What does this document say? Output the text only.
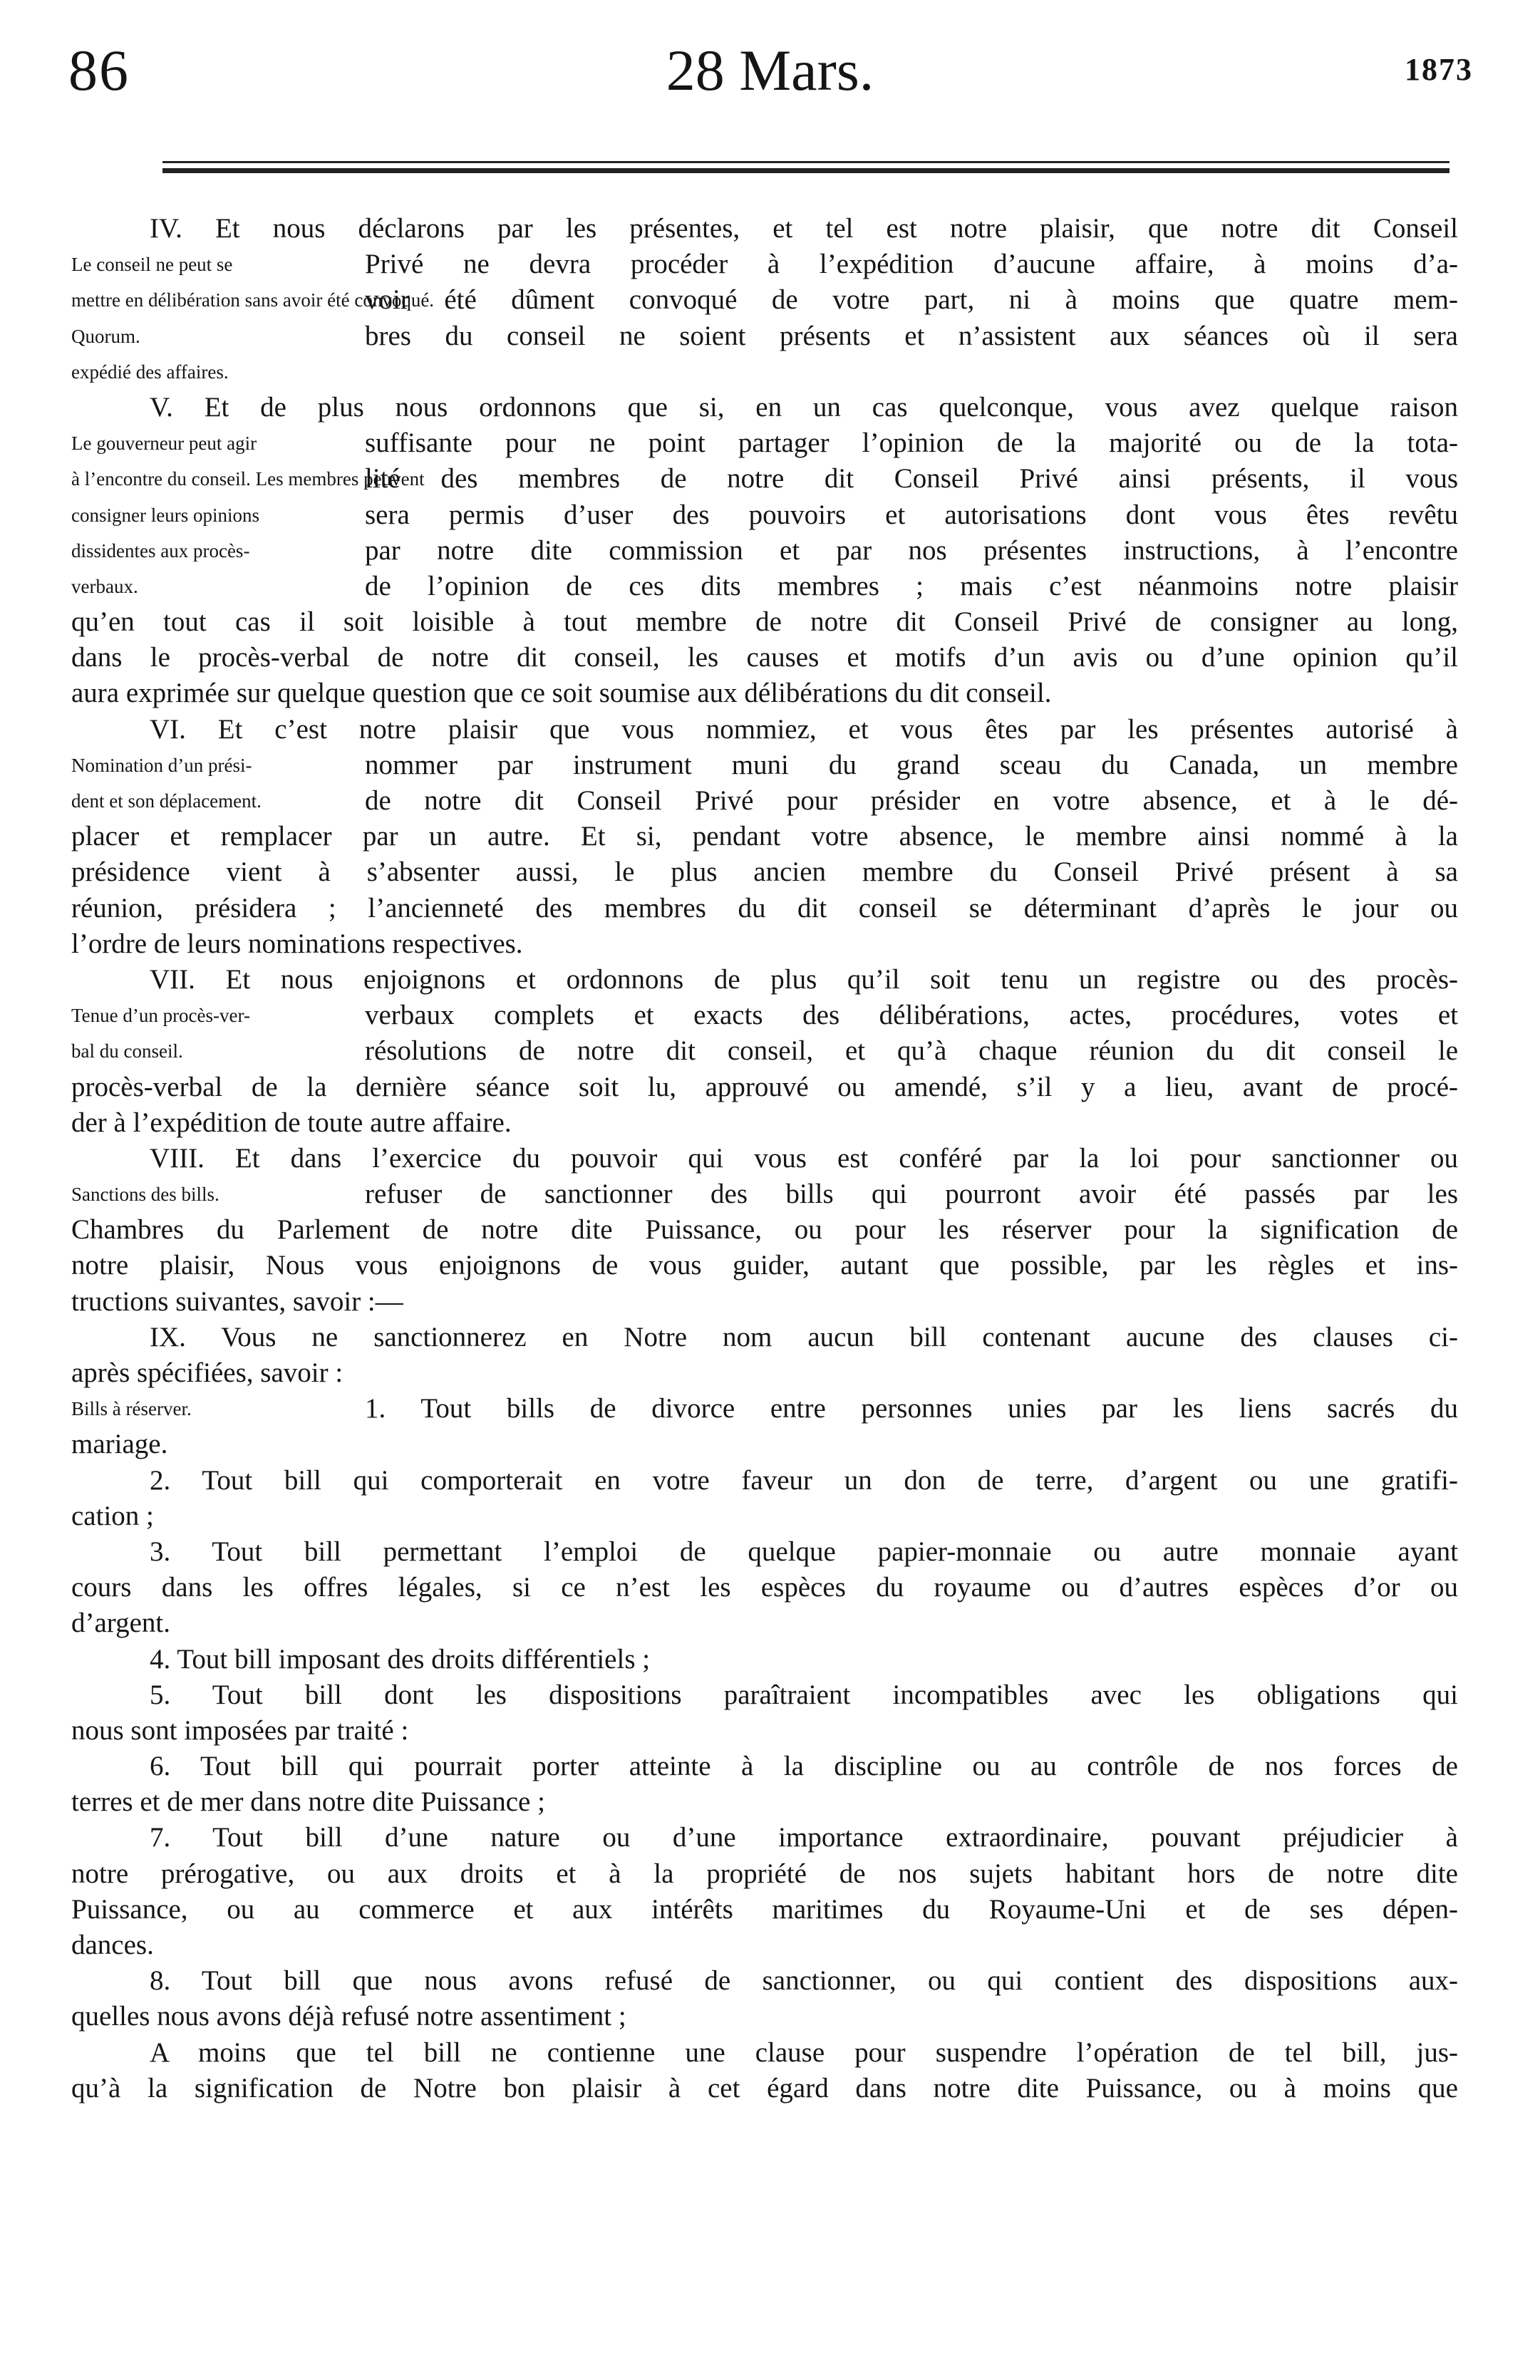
86	28 Mars.	1873
IV. Et nous déclarons par les présentes, et tel est notre plaisir, que notre dit Conseil
Le conseil ne peut se	Privé ne devra procéder à l’expédition d’aucune affaire, à moins d’a-
mettre en délibération sans avoir été convoqué.
voir été dûment convoqué de votre part, ni à moins que quatre mem-
Quorum.	bres du conseil ne soient présents et n’assistent aux séances où il sera
expédié des affaires.
V. Et de plus nous ordonnons que si, en un cas quelconque, vous avez quelque raison
Le gouverneur peut agir	suffisante pour ne point partager l’opinion de la majorité ou de la tota-
à l’encontre du conseil. Les membres peuvent
lité des membres de notre dit Conseil Privé ainsi présents, il vous
consigner leurs opinions	sera permis d’user des pouvoirs et autorisations dont vous êtes revêtu
dissidentes aux procès-	par notre dite commission et par nos présentes instructions, à l’encontre
verbaux.	de l’opinion de ces dits membres ; mais c’est néanmoins notre plaisir
qu’en tout cas il soit loisible à tout membre de notre dit Conseil Privé de consigner au long,
dans le procès-verbal de notre dit conseil, les causes et motifs d’un avis ou d’une opinion qu’il
aura exprimée sur quelque question que ce soit soumise aux délibérations du dit conseil.
VI. Et c’est notre plaisir que vous nommiez, et vous êtes par les présentes autorisé à
Nomination d’un prési-	nommer par instrument muni du grand sceau du Canada, un membre
dent et son déplacement.	de notre dit Conseil Privé pour présider en votre absence, et à le dé-
placer et remplacer par un autre. Et si, pendant votre absence, le membre ainsi nommé à la
présidence vient à s’absenter aussi, le plus ancien membre du Conseil Privé présent à sa
réunion, présidera ; l’ancienneté des membres du dit conseil se déterminant d’après le jour ou
l’ordre de leurs nominations respectives.
VII. Et nous enjoignons et ordonnons de plus qu’il soit tenu un registre ou des procès-
Tenue d’un procès-ver-	verbaux complets et exacts des délibérations, actes, procédures, votes et
bal du conseil.	résolutions de notre dit conseil, et qu’à chaque réunion du dit conseil le
procès-verbal de la dernière séance soit lu, approuvé ou amendé, s’il y a lieu, avant de procé-
der à l’expédition de toute autre affaire.
VIII. Et dans l’exercice du pouvoir qui vous est conféré par la loi pour sanctionner ou
Sanctions des bills.	refuser de sanctionner des bills qui pourront avoir été passés par les
Chambres du Parlement de notre dite Puissance, ou pour les réserver pour la signification de
notre plaisir, Nous vous enjoignons de vous guider, autant que possible, par les règles et ins-
tructions suivantes, savoir :—
IX. Vous ne sanctionnerez en Notre nom aucun bill contenant aucune des clauses ci-
après spécifiées, savoir :
Bills à réserver.	1. Tout bills de divorce entre personnes unies par les liens sacrés du
mariage.
2. Tout bill qui comporterait en votre faveur un don de terre, d’argent ou une gratifi-
cation ;
3. Tout bill permettant l’emploi de quelque papier-monnaie ou autre monnaie ayant
cours dans les offres légales, si ce n’est les espèces du royaume ou d’autres espèces d’or ou
d’argent.
4. Tout bill imposant des droits différentiels ;
5. Tout bill dont les dispositions paraîtraient incompatibles avec les obligations qui
nous sont imposées par traité :
6. Tout bill qui pourrait porter atteinte à la discipline ou au contrôle de nos forces de
terres et de mer dans notre dite Puissance ;
7. Tout bill d’une nature ou d’une importance extraordinaire, pouvant préjudicier à
notre prérogative, ou aux droits et à la propriété de nos sujets habitant hors de notre dite
Puissance, ou au commerce et aux intérêts maritimes du Royaume-Uni et de ses dépen-
dances.
8. Tout bill que nous avons refusé de sanctionner, ou qui contient des dispositions aux-
quelles nous avons déjà refusé notre assentiment ;
A moins que tel bill ne contienne une clause pour suspendre l’opération de tel bill, jus-
qu’à la signification de Notre bon plaisir à cet égard dans notre dite Puissance, ou à moins que
